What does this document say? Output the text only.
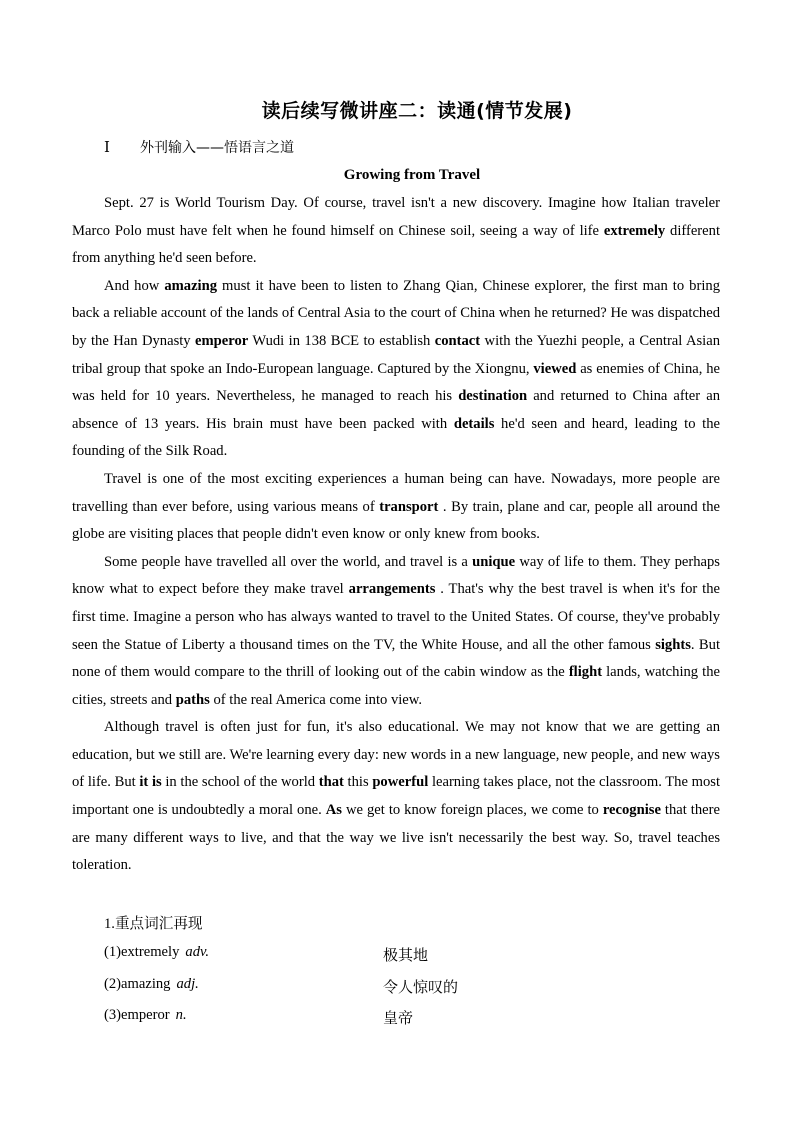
读后续写微讲座二：读通(情节发展)
Ⅰ 外刊输入——悟语言之道
Growing from Travel

Sept. 27 is World Tourism Day. Of course, travel isn't a new discovery. Imagine how Italian traveler Marco Polo must have felt when he found himself on Chinese soil, seeing a way of life extremely different from anything he'd seen before.

And how amazing must it have been to listen to Zhang Qian, Chinese explorer, the first man to bring back a reliable account of the lands of Central Asia to the court of China when he returned? He was dispatched by the Han Dynasty emperor Wudi in 138 BCE to establish contact with the Yuezhi people, a Central Asian tribal group that spoke an Indo-European language. Captured by the Xiongnu, viewed as enemies of China, he was held for 10 years. Nevertheless, he managed to reach his destination and returned to China after an absence of 13 years. His brain must have been packed with details he'd seen and heard, leading to the founding of the Silk Road.

Travel is one of the most exciting experiences a human being can have. Nowadays, more people are travelling than ever before, using various means of transport . By train, plane and car, people all around the globe are visiting places that people didn't even know or only knew from books.

Some people have travelled all over the world, and travel is a unique way of life to them. They perhaps know what to expect before they make travel arrangements . That's why the best travel is when it's for the first time. Imagine a person who has always wanted to travel to the United States. Of course, they've probably seen the Statue of Liberty a thousand times on the TV, the White House, and all the other famous sights. But none of them would compare to the thrill of looking out of the cabin window as the flight lands, watching the cities, streets and paths of the real America come into view.

Although travel is often just for fun, it's also educational. We may not know that we are getting an education, but we still are. We're learning every day: new words in a new language, new people, and new ways of life. But it is in the school of the world that this powerful learning takes place, not the classroom. The most important one is undoubtedly a moral one. As we get to know foreign places, we come to recognise that there are many different ways to live, and that the way we live isn't necessarily the best way. So, travel teaches toleration.

1.重点词汇再现
(1)extremely adv.	极其地
(2)amazing adj.	令人惊叹的
(3)emperor n.	皇帝
